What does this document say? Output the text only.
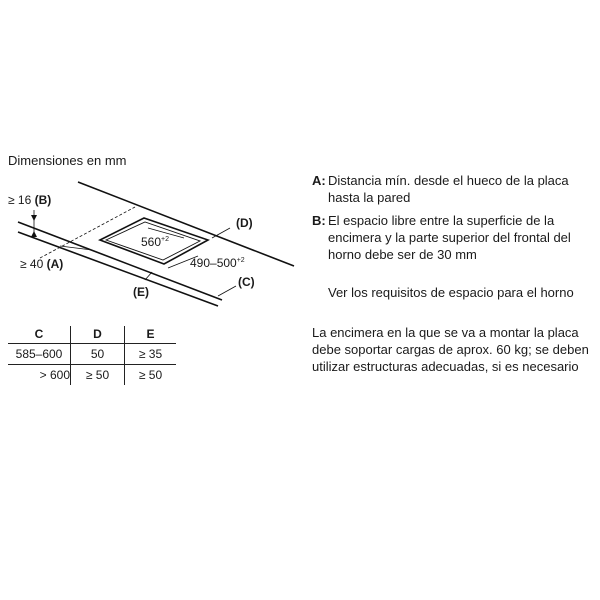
Dimensiones en mm
≥ 16 (B)
≥ 40 (A)
$560^{+2}$
$490-500^{+2}$
(D)
(C)
(E)
C	D	E
585–600	50	≥ 35
> 600	≥ 50	≥ 50
A: Distancia mín. desde el hueco de la placa hasta la pared
B: El espacio libre entre la superficie de la encimera y la parte superior del frontal del horno debe ser de 30 mm
Ver los requisitos de espacio para el horno
La encimera en la que se va a montar la placa debe soportar cargas de aprox. 60 kg; se deben utilizar estructuras adecuadas, si es necesario
